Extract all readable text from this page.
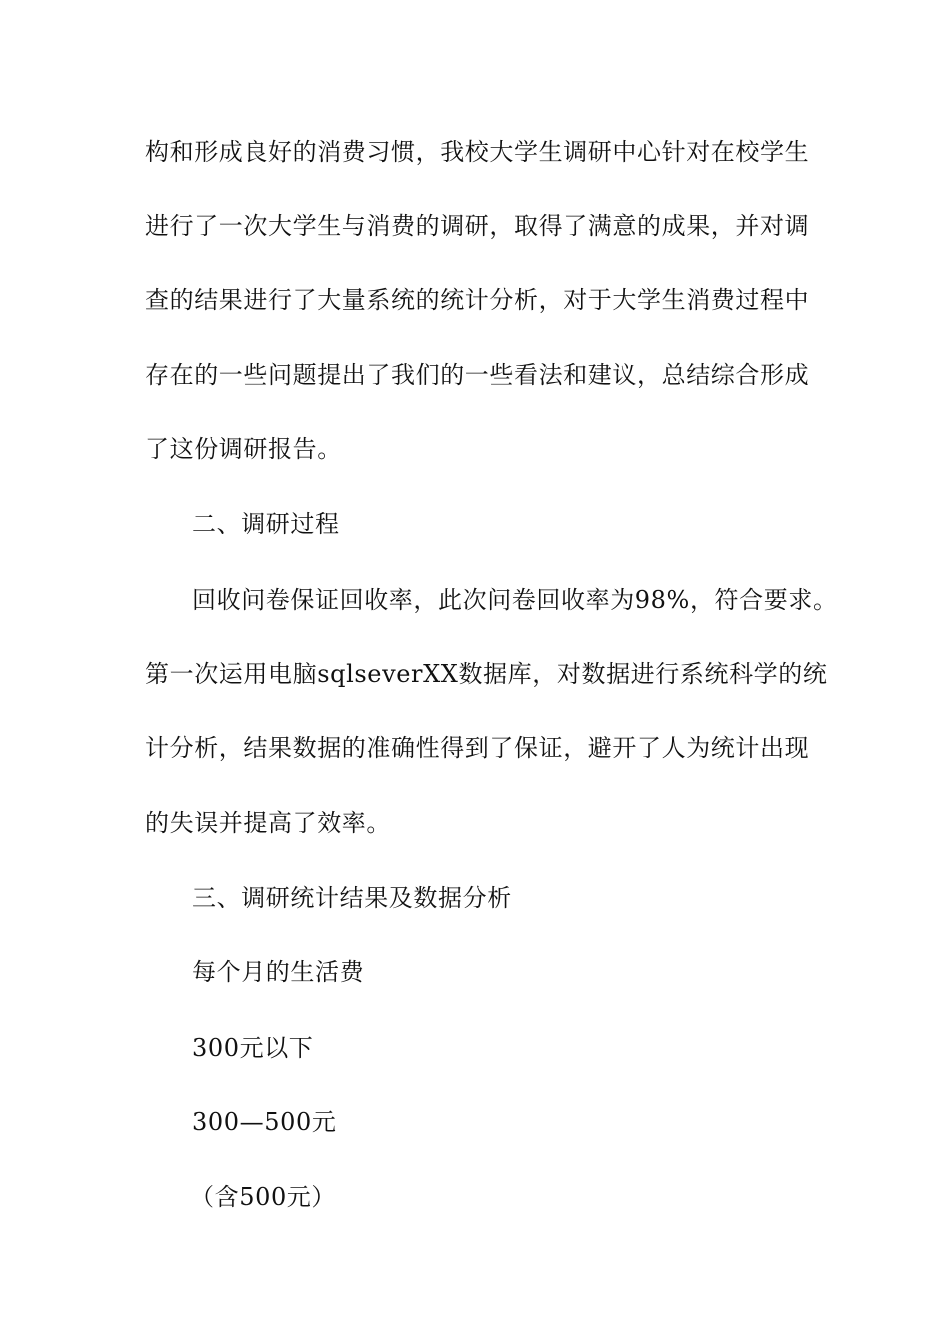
构和形成良好的消费习惯，我校大学生调研中心针对在校学生
进行了一次大学生与消费的调研，取得了满意的成果，并对调
查的结果进行了大量系统的统计分析，对于大学生消费过程中
存在的一些问题提出了我们的一些看法和建议，总结综合形成
了这份调研报告。
二、调研过程
回收问卷保证回收率，此次问卷回收率为98%，符合要求。
第一次运用电脑sqlseverXX数据库，对数据进行系统科学的统
计分析，结果数据的准确性得到了保证，避开了人为统计出现
的失误并提高了效率。
三、调研统计结果及数据分析
每个月的生活费
300元以下
300—500元
（含500元）
